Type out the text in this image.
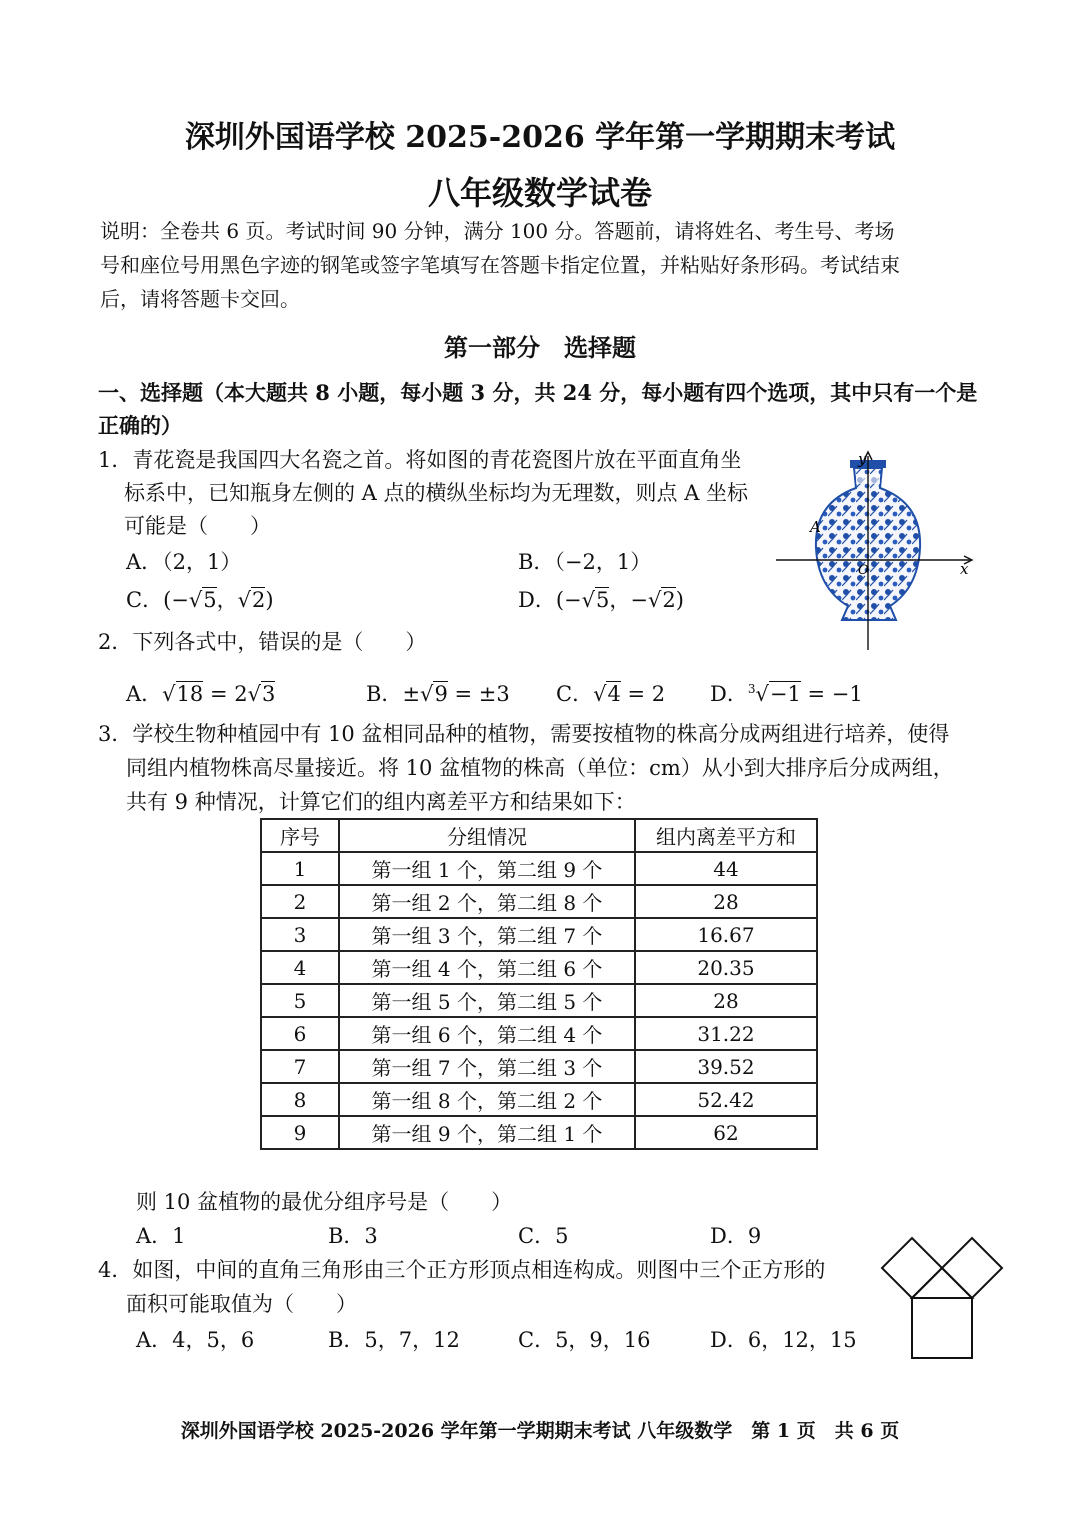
深圳外国语学校 2025-2026 学年第一学期期末考试
八年级数学试卷
说明：全卷共 6 页。考试时间 90 分钟，满分 100 分。答题前，请将姓名、考生号、考场
号和座位号用黑色字迹的钢笔或签字笔填写在答题卡指定位置，并粘贴好条形码。考试结束
后，请将答题卡交回。
第一部分　选择题
一、选择题（本大题共 8 小题，每小题 3 分，共 24 分，每小题有四个选项，其中只有一个是
正确的）
1．青花瓷是我国四大名瓷之首。将如图的青花瓷图片放在平面直角坐
标系中，已知瓶身左侧的 A 点的横纵坐标均为无理数，则点 A 坐标
可能是（　　）
A．（2，1）	B．（−2，1）
C．(−√5，√2)	D．(−√5，−√2)
y
x
A
O
2．下列各式中，错误的是（　　）
A．√18 = 2√3	B．±√9 = ±3 C．√4 = 2 D．$^3$√−1 = −1
3．学校生物种植园中有 10 盆相同品种的植物，需要按植物的株高分成两组进行培养，使得
同组内植物株高尽量接近。将 10 盆植物的株高（单位：cm）从小到大排序后分成两组，
共有 9 种情况，计算它们的组内离差平方和结果如下：
序号	分组情况	组内离差平方和
1	第一组 1 个，第二组 9 个	44
2	第一组 2 个，第二组 8 个	28
3	第一组 3 个，第二组 7 个	16.67
4	第一组 4 个，第二组 6 个	20.35
5	第一组 5 个，第二组 5 个	28
6	第一组 6 个，第二组 4 个	31.22
7	第一组 7 个，第二组 3 个	39.52
8	第一组 8 个，第二组 2 个	52.42
9	第一组 9 个，第二组 1 个	62
则 10 盆植物的最优分组序号是（　　）
A．1	B．3	C．5	D．9
4．如图，中间的直角三角形由三个正方形顶点相连构成。则图中三个正方形的
面积可能取值为（　　）
A．4，5，6	B．5，7，12	C．5，9，16	D．6，12，15
深圳外国语学校 2025-2026 学年第一学期期末考试 八年级数学　第 1 页　共 6 页
